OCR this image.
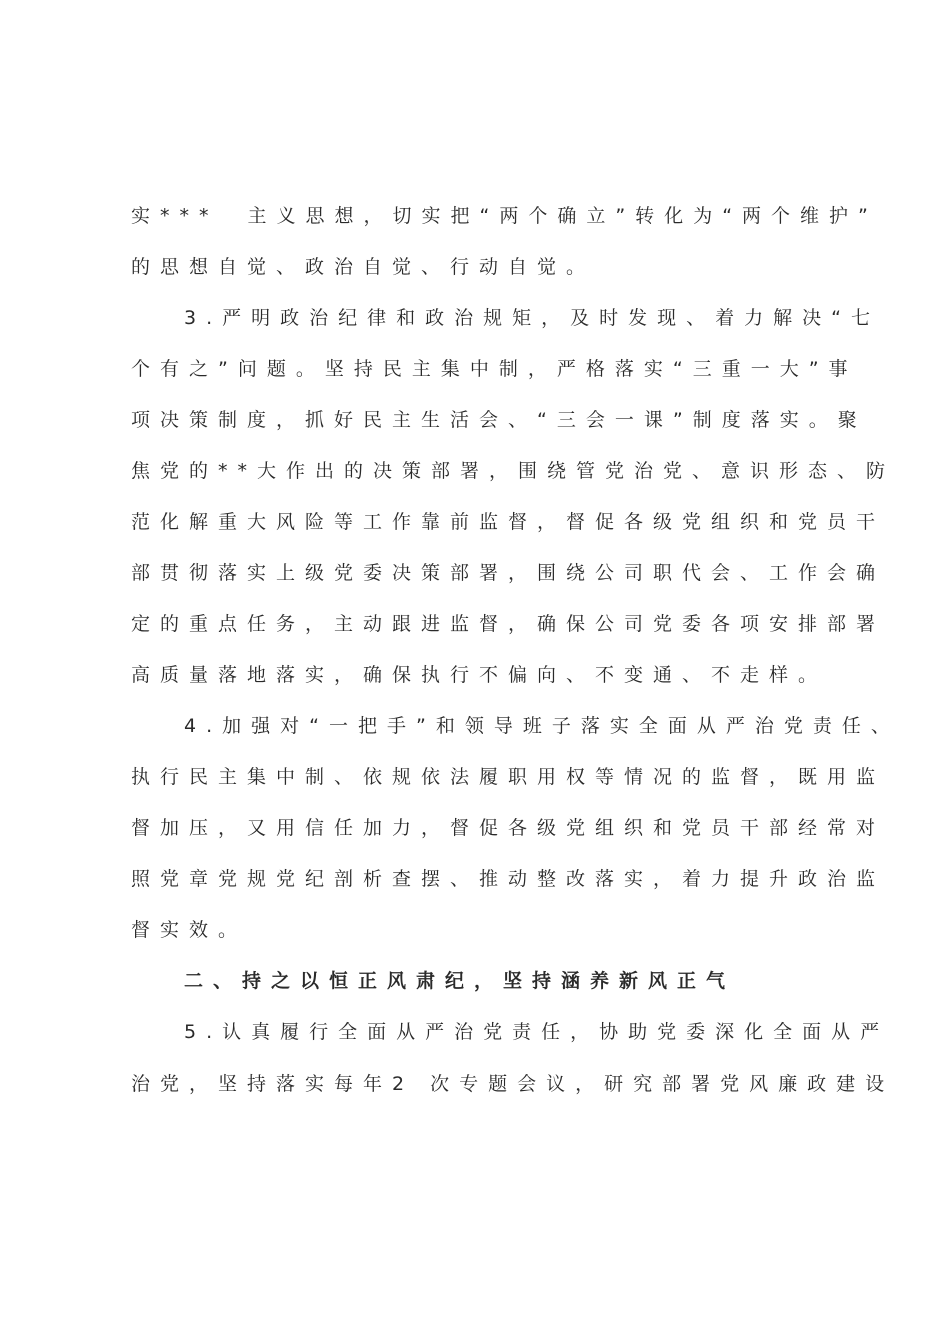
实***　主义思想，切实把“两个确立”转化为“两个维护”
的思想自觉、政治自觉、行动自觉。
3.严明政治纪律和政治规矩，及时发现、着力解决“七
个有之”问题。坚持民主集中制，严格落实“三重一大”事
项决策制度，抓好民主生活会、“三会一课”制度落实。聚
焦党的**大作出的决策部署，围绕管党治党、意识形态、防
范化解重大风险等工作靠前监督，督促各级党组织和党员干
部贯彻落实上级党委决策部署，围绕公司职代会、工作会确
定的重点任务，主动跟进监督，确保公司党委各项安排部署
高质量落地落实，确保执行不偏向、不变通、不走样。
4.加强对“一把手”和领导班子落实全面从严治党责任、
执行民主集中制、依规依法履职用权等情况的监督，既用监
督加压，又用信任加力，督促各级党组织和党员干部经常对
照党章党规党纪剖析查摆、推动整改落实，着力提升政治监
督实效。
二、持之以恒正风肃纪，坚持涵养新风正气
5.认真履行全面从严治党责任，协助党委深化全面从严
治党，坚持落实每年2 次专题会议，研究部署党风廉政建设
